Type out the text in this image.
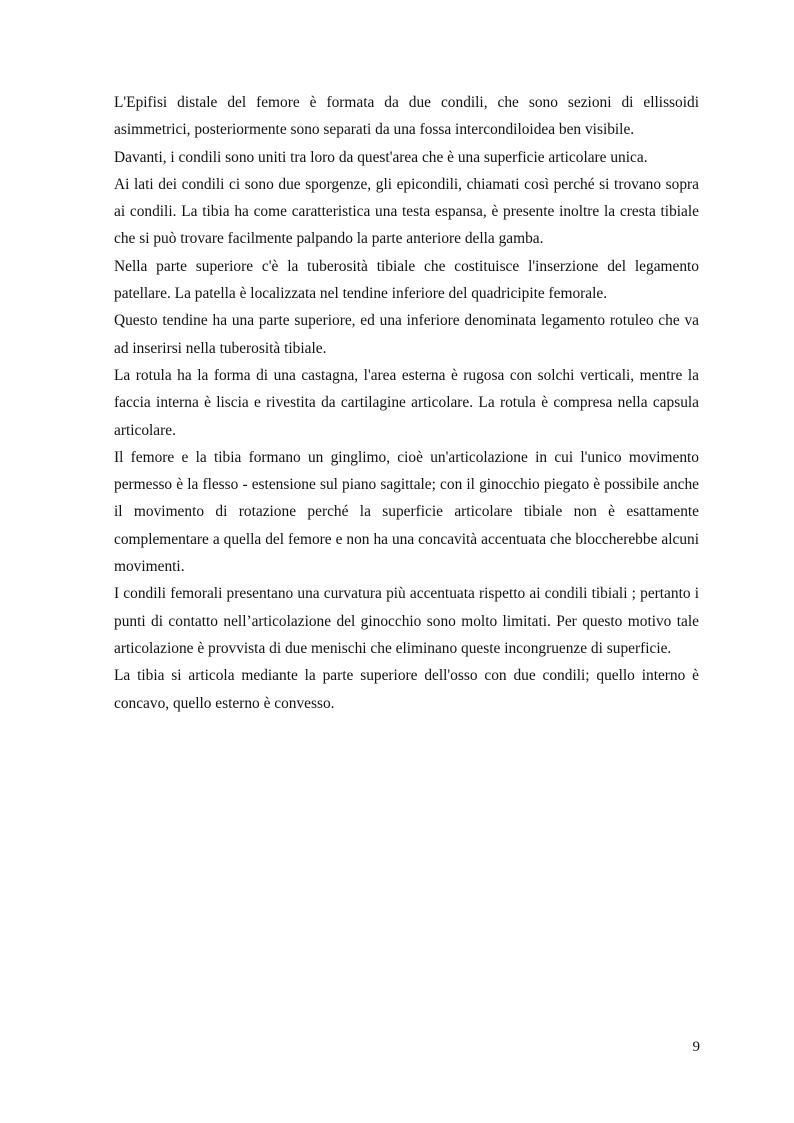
L'Epifisi distale del femore è formata da due condili, che sono sezioni di ellissoidi asimmetrici, posteriormente sono separati da una fossa intercondiloidea ben visibile.

Davanti, i condili sono uniti tra loro da quest'area che è una superficie articolare unica.

Ai lati dei condili ci sono due sporgenze, gli epicondili, chiamati così perché si trovano sopra ai condili. La tibia ha come caratteristica una testa espansa, è presente inoltre la cresta tibiale che si può trovare facilmente palpando la parte anteriore della gamba.

Nella parte superiore c'è la tuberosità tibiale che costituisce l'inserzione del legamento patellare. La patella è localizzata nel tendine inferiore del quadricipite femorale.

Questo tendine ha una parte superiore, ed una inferiore denominata legamento rotuleo che va ad inserirsi nella tuberosità tibiale.

La rotula ha la forma di una castagna, l'area esterna è rugosa con solchi verticali, mentre la faccia interna è liscia e rivestita da cartilagine articolare. La rotula è compresa nella capsula articolare.

Il femore e la tibia formano un ginglimo, cioè un'articolazione in cui l'unico movimento permesso è la flesso - estensione sul piano sagittale; con il ginocchio piegato è possibile anche il movimento di rotazione perché la superficie articolare tibiale non è esattamente complementare a quella del femore e non ha una concavità accentuata che bloccherebbe alcuni movimenti.

I condili femorali presentano una curvatura più accentuata rispetto ai condili tibiali ; pertanto i punti di contatto nell’articolazione del ginocchio sono molto limitati. Per questo motivo tale articolazione è provvista di due menischi che eliminano queste incongruenze di superficie.

La tibia si articola mediante la parte superiore dell'osso con due condili; quello interno è concavo, quello esterno è convesso.

9
